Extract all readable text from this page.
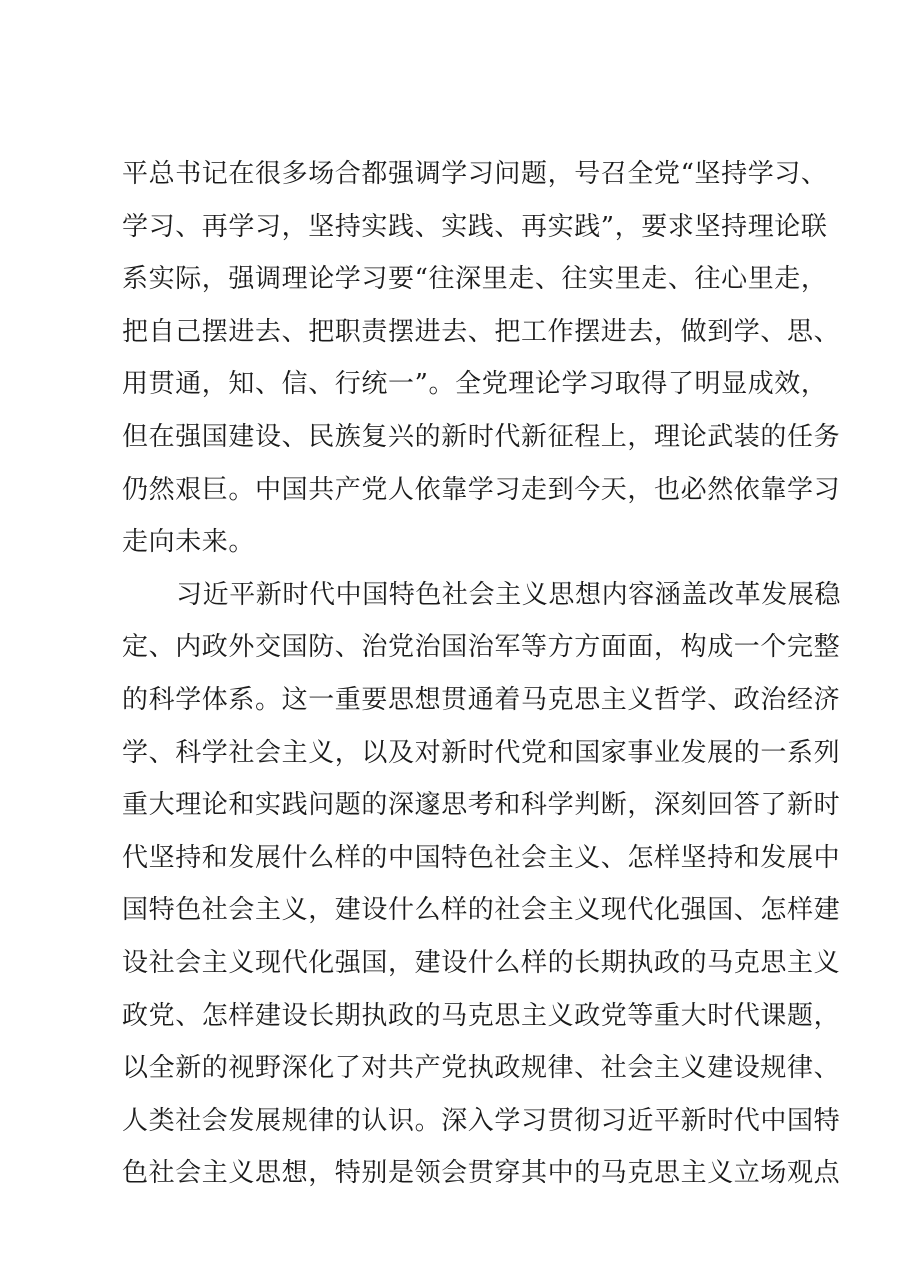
平总书记在很多场合都强调学习问题，号召全党“坚持学习、
学习、再学习，坚持实践、实践、再实践”，要求坚持理论联
系实际，强调理论学习要“往深里走、往实里走、往心里走，
把自己摆进去、把职责摆进去、把工作摆进去，做到学、思、
用贯通，知、信、行统一”。全党理论学习取得了明显成效，
但在强国建设、民族复兴的新时代新征程上，理论武装的任务
仍然艰巨。中国共产党人依靠学习走到今天，也必然依靠学习
走向未来。
习近平新时代中国特色社会主义思想内容涵盖改革发展稳
定、内政外交国防、治党治国治军等方方面面，构成一个完整
的科学体系。这一重要思想贯通着马克思主义哲学、政治经济
学、科学社会主义，以及对新时代党和国家事业发展的一系列
重大理论和实践问题的深邃思考和科学判断，深刻回答了新时
代坚持和发展什么样的中国特色社会主义、怎样坚持和发展中
国特色社会主义，建设什么样的社会主义现代化强国、怎样建
设社会主义现代化强国，建设什么样的长期执政的马克思主义
政党、怎样建设长期执政的马克思主义政党等重大时代课题，
以全新的视野深化了对共产党执政规律、社会主义建设规律、
人类社会发展规律的认识。深入学习贯彻习近平新时代中国特
色社会主义思想，特别是领会贯穿其中的马克思主义立场观点
